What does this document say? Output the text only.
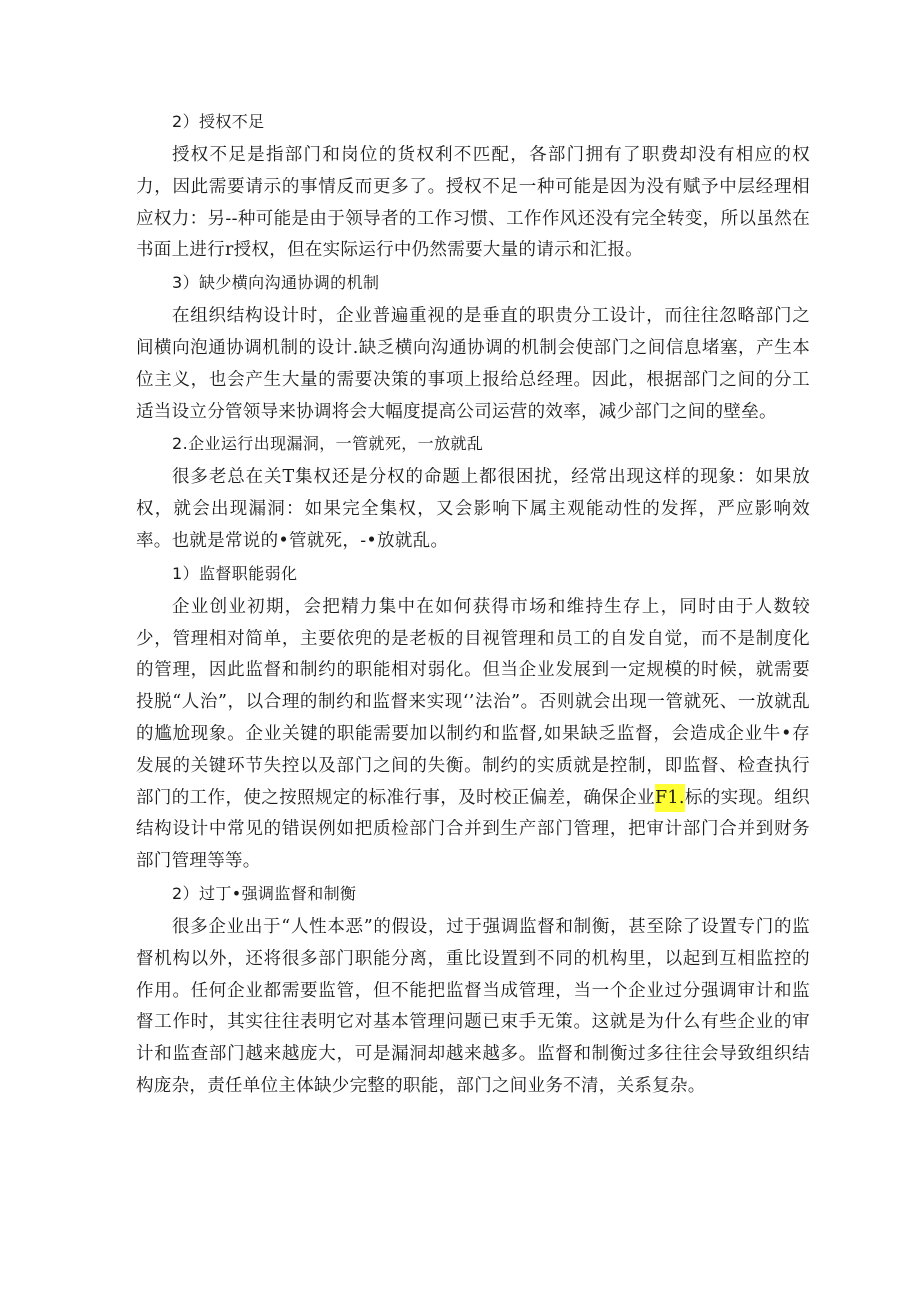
2）授权不足

授权不足是指部门和岗位的货权利不匹配，各部门拥有了职费却没有相应的权力，因此需要请示的事情反而更多了。授权不足一种可能是因为没有赋予中层经理相应权力：另--种可能是由于领导者的工作习惯、工作作风还没有完全转变，所以虽然在书面上进行r授权，但在实际运行中仍然需要大量的请示和汇报。

3）缺少横向沟通协调的机制

在组织结构设计时，企业普遍重视的是垂直的职贵分工设计，而往往忽略部门之间横向泡通协调机制的设计.缺乏横向沟通协调的机制会使部门之间信息堵塞，产生本位主义，也会产生大量的需要决策的事项上报给总经理。因此，根据部门之间的分工适当设立分管领导来协调将会大幅度提高公司运营的效率，减少部门之间的壁垒。

2.企业运行出现漏洞，一管就死，一放就乱

很多老总在关T集权还是分权的命题上都很困扰，经常出现这样的现象：如果放权，就会出现漏洞：如果完全集权，又会影响下属主观能动性的发挥，严应影响效率。也就是常说的•管就死，-•放就乱。

1）监督职能弱化

企业创业初期，会把精力集中在如何获得市场和维持生存上，同时由于人数较少，管理相对简单，主要依兜的是老板的目视管理和员工的自发自觉，而不是制度化的管理，因此监督和制约的职能相对弱化。但当企业发展到一定规模的时候，就需要投脱“人治”，以合理的制约和监督来实现‘’法治”。否则就会出现一管就死、一放就乱的尴尬现象。企业关键的职能需要加以制约和监督,如果缺乏监督，会造成企业牛•存发展的关键环节失控以及部门之间的失衡。制约的实质就是控制，即监督、检查执行部门的工作，使之按照规定的标准行事，及时校正偏差，确保企业F1.标的实现。组织结构设计中常见的错误例如把质检部门合并到生产部门管理，把审计部门合并到财务部门管理等等。

2）过丁•强调监督和制衡

很多企业出于“人性本恶”的假设，过于强调监督和制衡，甚至除了设置专门的监督机构以外，还将很多部门职能分离，重比设置到不同的机构里，以起到互相监控的作用。任何企业都需要监管，但不能把监督当成管理，当一个企业过分强调审计和监督工作时，其实往往表明它对基本管理问题已束手无策。这就是为什么有些企业的审计和监查部门越来越庞大，可是漏洞却越来越多。监督和制衡过多往往会导致组织结构庞杂，责任单位主体缺少完整的职能，部门之间业务不清，关系复杂。
